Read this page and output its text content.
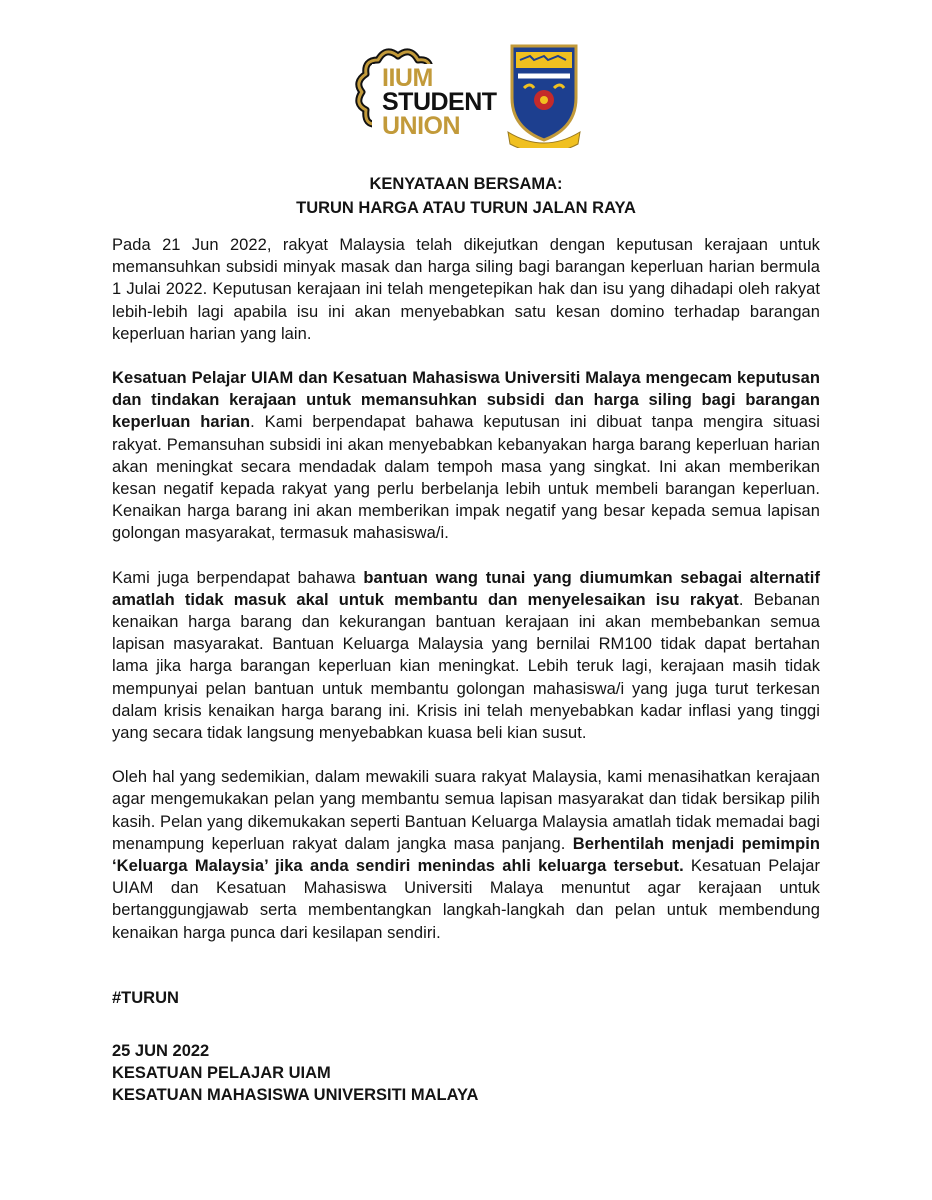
IIUM
STUDENT
UNION
KENYATAAN BERSAMA:
TURUN HARGA ATAU TURUN JALAN RAYA

Pada 21 Jun 2022, rakyat Malaysia telah dikejutkan dengan keputusan kerajaan untuk memansuhkan subsidi minyak masak dan harga siling bagi barangan keperluan harian bermula 1 Julai 2022. Keputusan kerajaan ini telah mengetepikan hak dan isu yang dihadapi oleh rakyat lebih-lebih lagi apabila isu ini akan menyebabkan satu kesan domino terhadap barangan keperluan harian yang lain.

Kesatuan Pelajar UIAM dan Kesatuan Mahasiswa Universiti Malaya mengecam keputusan dan tindakan kerajaan untuk memansuhkan subsidi dan harga siling bagi barangan keperluan harian. Kami berpendapat bahawa keputusan ini dibuat tanpa mengira situasi rakyat. Pemansuhan subsidi ini akan menyebabkan kebanyakan harga barang keperluan harian akan meningkat secara mendadak dalam tempoh masa yang singkat. Ini akan memberikan kesan negatif kepada rakyat yang perlu berbelanja lebih untuk membeli barangan keperluan. Kenaikan harga barang ini akan memberikan impak negatif yang besar kepada semua lapisan golongan masyarakat, termasuk mahasiswa/i.

Kami juga berpendapat bahawa bantuan wang tunai yang diumumkan sebagai alternatif amatlah tidak masuk akal untuk membantu dan menyelesaikan isu rakyat. Bebanan kenaikan harga barang dan kekurangan bantuan kerajaan ini akan membebankan semua lapisan masyarakat. Bantuan Keluarga Malaysia yang bernilai RM100 tidak dapat bertahan lama jika harga barangan keperluan kian meningkat. Lebih teruk lagi, kerajaan masih tidak mempunyai pelan bantuan untuk membantu golongan mahasiswa/i yang juga turut terkesan dalam krisis kenaikan harga barang ini. Krisis ini telah menyebabkan kadar inflasi yang tinggi yang secara tidak langsung menyebabkan kuasa beli kian susut.

Oleh hal yang sedemikian, dalam mewakili suara rakyat Malaysia, kami menasihatkan kerajaan agar mengemukakan pelan yang membantu semua lapisan masyarakat dan tidak bersikap pilih kasih. Pelan yang dikemukakan seperti Bantuan Keluarga Malaysia amatlah tidak memadai bagi menampung keperluan rakyat dalam jangka masa panjang. Berhentilah menjadi pemimpin ‘Keluarga Malaysia’ jika anda sendiri menindas ahli keluarga tersebut. Kesatuan Pelajar UIAM dan Kesatuan Mahasiswa Universiti Malaya menuntut agar kerajaan untuk bertanggungjawab serta membentangkan langkah-langkah dan pelan untuk membendung kenaikan harga punca dari kesilapan sendiri.

#TURUN
25 JUN 2022
KESATUAN PELAJAR UIAM
KESATUAN MAHASISWA UNIVERSITI MALAYA
